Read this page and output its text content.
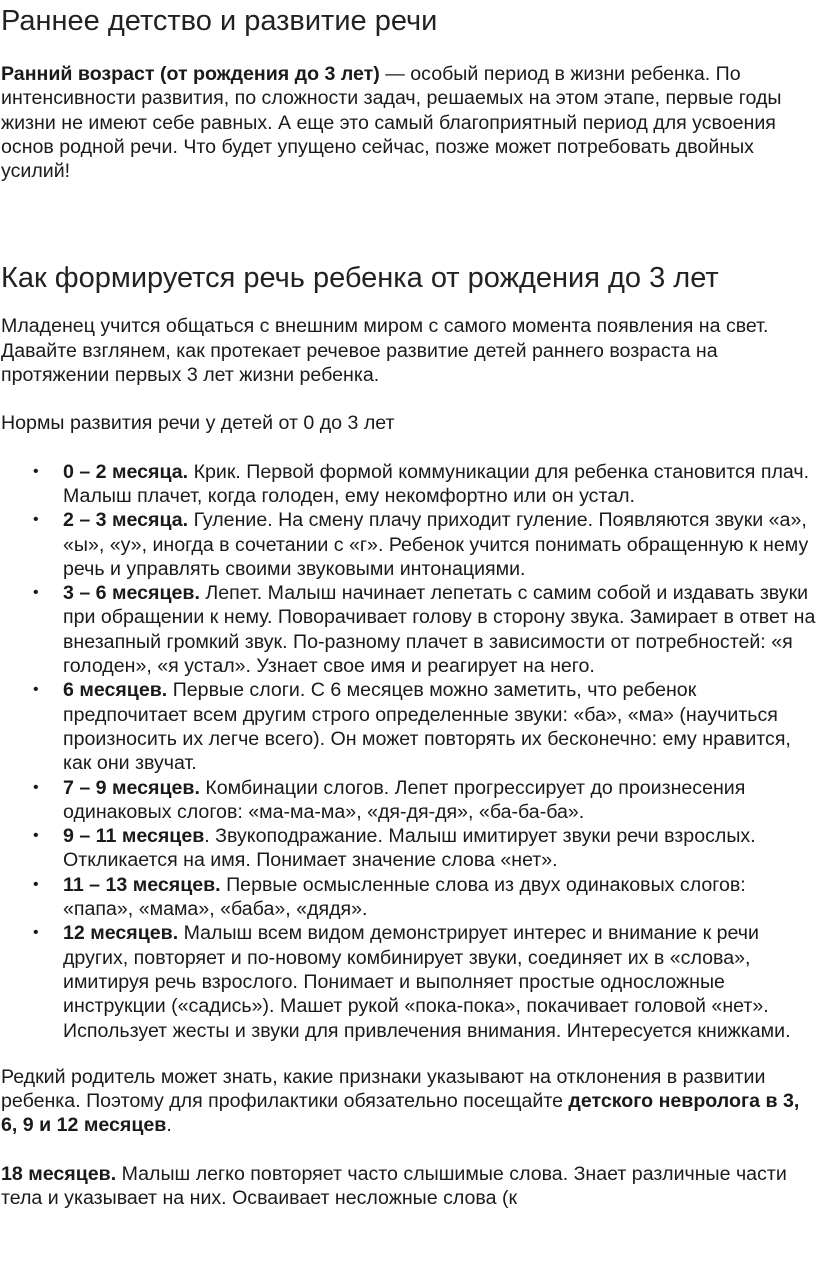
Раннее детство и развитие речи

Ранний возраст (от рождения до 3 лет) — особый период в жизни ребенка. По интенсивности развития, по сложности задач, решаемых на этом этапе, первые годы жизни не имеют себе равных. А еще это самый благоприятный период для усвоения основ родной речи. Что будет упущено сейчас, позже может потребовать двойных усилий!

Как формируется речь ребенка от рождения до 3 лет

Младенец учится общаться с внешним миром с самого момента появления на свет. Давайте взглянем, как протекает речевое развитие детей раннего возраста на протяжении первых 3 лет жизни ребенка.

Нормы развития речи у детей от 0 до 3 лет

• 0 – 2 месяца. Крик. Первой формой коммуникации для ребенка становится плач. Малыш плачет, когда голоден, ему некомфортно или он устал.
• 2 – 3 месяца. Гуление. На смену плачу приходит гуление. Появляются звуки «а», «ы», «у», иногда в сочетании с «г». Ребенок учится понимать обращенную к нему речь и управлять своими звуковыми интонациями.
• 3 – 6 месяцев. Лепет. Малыш начинает лепетать с самим собой и издавать звуки при обращении к нему. Поворачивает голову в сторону звука. Замирает в ответ на внезапный громкий звук. По-разному плачет в зависимости от потребностей: «я голоден», «я устал». Узнает свое имя и реагирует на него.
• 6 месяцев. Первые слоги. С 6 месяцев можно заметить, что ребенок предпочитает всем другим строго определенные звуки: «ба», «ма» (научиться произносить их легче всего). Он может повторять их бесконечно: ему нравится, как они звучат.
• 7 – 9 месяцев. Комбинации слогов. Лепет прогрессирует до произнесения одинаковых слогов: «ма-ма-ма», «дя-дя-дя», «ба-ба-ба».
• 9 – 11 месяцев. Звукоподражание. Малыш имитирует звуки речи взрослых. Откликается на имя. Понимает значение слова «нет».
• 11 – 13 месяцев. Первые осмысленные слова из двух одинаковых слогов: «папа», «мама», «баба», «дядя».
• 12 месяцев. Малыш всем видом демонстрирует интерес и внимание к речи других, повторяет и по-новому комбинирует звуки, соединяет их в «слова», имитируя речь взрослого. Понимает и выполняет простые односложные инструкции («садись»). Машет рукой «пока-пока», покачивает головой «нет». Использует жесты и звуки для привлечения внимания. Интересуется книжками.

Редкий родитель может знать, какие признаки указывают на отклонения в развитии ребенка. Поэтому для профилактики обязательно посещайте детского невролога в 3, 6, 9 и 12 месяцев.

18 месяцев. Малыш легко повторяет часто слышимые слова. Знает различные части тела и указывает на них. Осваивает несложные слова (к
